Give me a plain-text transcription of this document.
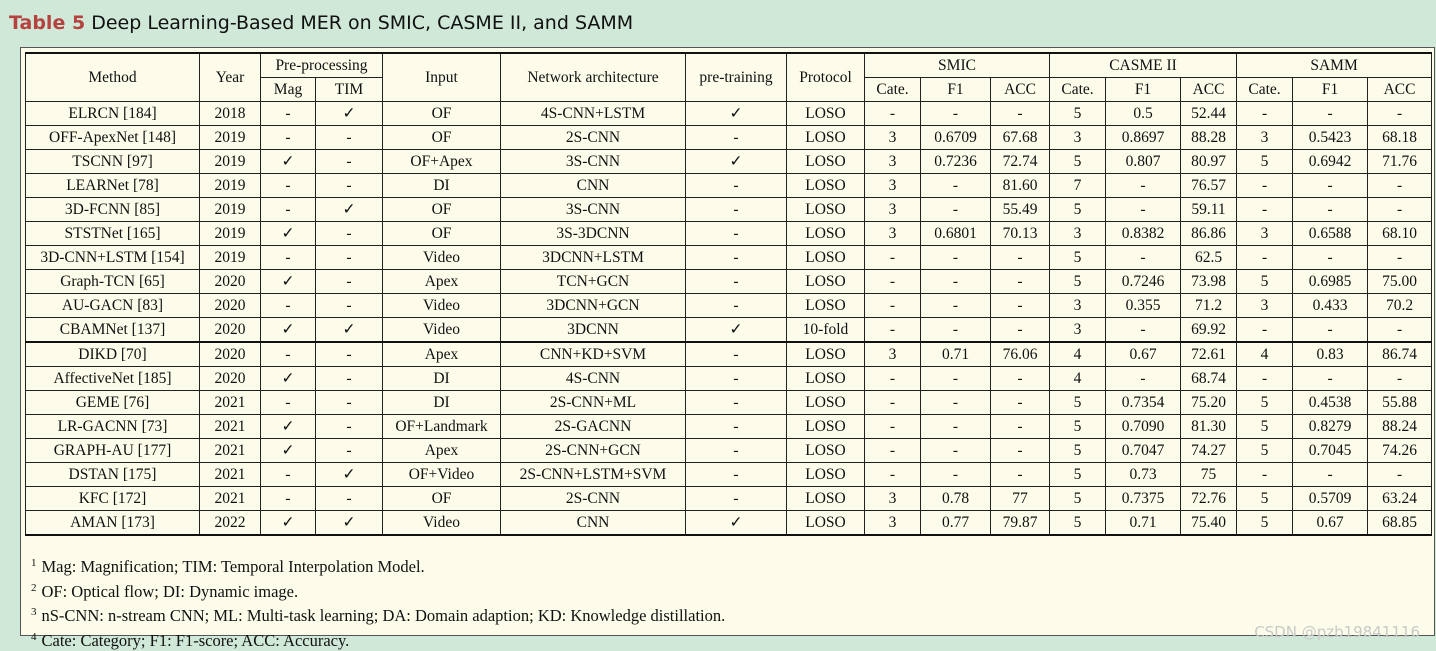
Table 5 Deep Learning-Based MER on SMIC, CASME II, and SAMM
Method	Year	Pre-processing		Input	Network architecture	pre-training	Protocol	SMIC			CASME II			SAMM		
		Mag	TIM					Cate.	F1	ACC	Cate.	F1	ACC	Cate.	F1	ACC
ELRCN [184]	2018	-	✓	OF	4S-CNN+LSTM	✓	LOSO	-	-	-	5	0.5	52.44	-	-	-
OFF-ApexNet [148]	2019	-	-	OF	2S-CNN	-	LOSO	3	0.6709	67.68	3	0.8697	88.28	3	0.5423	68.18
TSCNN [97]	2019	✓	-	OF+Apex	3S-CNN	✓	LOSO	3	0.7236	72.74	5	0.807	80.97	5	0.6942	71.76
LEARNet [78]	2019	-	-	DI	CNN	-	LOSO	3	-	81.60	7	-	76.57	-	-	-
3D-FCNN [85]	2019	-	✓	OF	3S-CNN	-	LOSO	3	-	55.49	5	-	59.11	-	-	-
STSTNet [165]	2019	✓	-	OF	3S-3DCNN	-	LOSO	3	0.6801	70.13	3	0.8382	86.86	3	0.6588	68.10
3D-CNN+LSTM [154]	2019	-	-	Video	3DCNN+LSTM	-	LOSO	-	-	-	5	-	62.5	-	-	-
Graph-TCN [65]	2020	✓	-	Apex	TCN+GCN	-	LOSO	-	-	-	5	0.7246	73.98	5	0.6985	75.00
AU-GACN [83]	2020	-	-	Video	3DCNN+GCN	-	LOSO	-	-	-	3	0.355	71.2	3	0.433	70.2
CBAMNet [137]	2020	✓	✓	Video	3DCNN	✓	10-fold	-	-	-	3	-	69.92	-	-	-
DIKD [70]	2020	-	-	Apex	CNN+KD+SVM	-	LOSO	3	0.71	76.06	4	0.67	72.61	4	0.83	86.74
AffectiveNet [185]	2020	✓	-	DI	4S-CNN	-	LOSO	-	-	-	4	-	68.74	-	-	-
GEME [76]	2021	-	-	DI	2S-CNN+ML	-	LOSO	-	-	-	5	0.7354	75.20	5	0.4538	55.88
LR-GACNN [73]	2021	✓	-	OF+Landmark	2S-GACNN	-	LOSO	-	-	-	5	0.7090	81.30	5	0.8279	88.24
GRAPH-AU [177]	2021	✓	-	Apex	2S-CNN+GCN	-	LOSO	-	-	-	5	0.7047	74.27	5	0.7045	74.26
DSTAN [175]	2021	-	✓	OF+Video	2S-CNN+LSTM+SVM	-	LOSO	-	-	-	5	0.73	75	-	-	-
KFC [172]	2021	-	-	OF	2S-CNN	-	LOSO	3	0.78	77	5	0.7375	72.76	5	0.5709	63.24
AMAN [173]	2022	✓	✓	Video	CNN	✓	LOSO	3	0.77	79.87	5	0.71	75.40	5	0.67	68.85
$^1$ Mag: Magnification; TIM: Temporal Interpolation Model.
$^2$ OF: Optical flow; DI: Dynamic image.
$^3$ nS-CNN: n-stream CNN; ML: Multi-task learning; DA: Domain adaption; KD: Knowledge distillation.
$^4$ Cate: Category; F1: F1-score; ACC: Accuracy.	CSDN @pzb19841116
